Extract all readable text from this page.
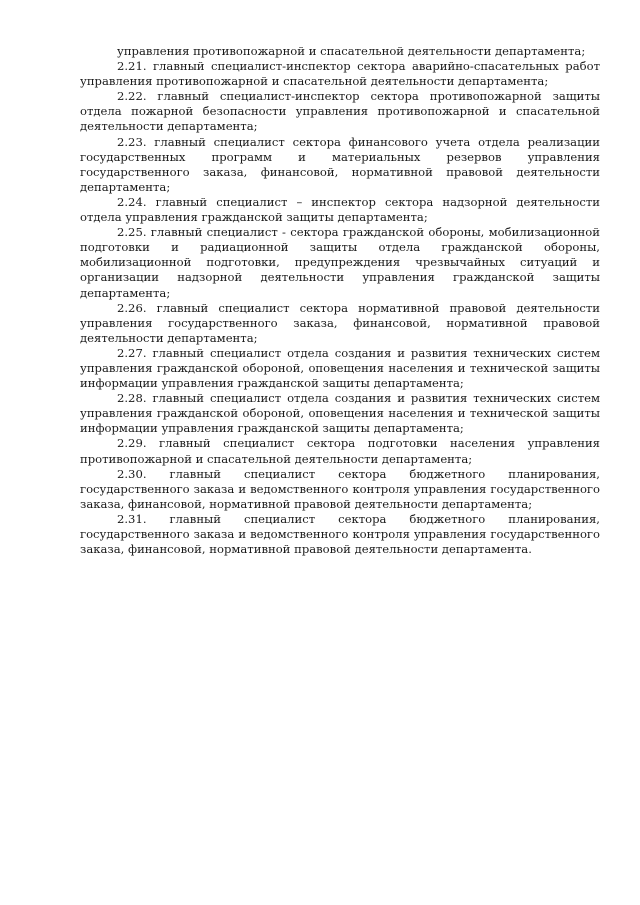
управления противопожарной и спасательной деятельности департамента;

2.21. главный специалист-инспектор сектора аварийно-спасательных работ управления противопожарной и спасательной деятельности департамента;

2.22. главный специалист-инспектор сектора противопожарной защиты отдела пожарной безопасности управления противопожарной и спасательной деятельности департамента;

2.23. главный специалист сектора финансового учета отдела реализации государственных программ и материальных резервов управления государственного заказа, финансовой, нормативной правовой деятельности департамента;

2.24. главный специалист – инспектор сектора надзорной деятельности отдела управления гражданской защиты департамента;

2.25. главный специалист - сектора гражданской обороны, мобилизационной подготовки и радиационной защиты отдела гражданской обороны, мобилизационной подготовки, предупреждения чрезвычайных ситуаций и организации надзорной деятельности управления гражданской защиты департамента;

2.26. главный специалист сектора нормативной правовой деятельности управления государственного заказа, финансовой, нормативной правовой деятельности департамента;

2.27. главный специалист отдела создания и развития технических систем управления гражданской обороной, оповещения населения и технической защиты информации управления гражданской защиты департамента;

2.28. главный специалист отдела создания и развития технических систем управления гражданской обороной, оповещения населения и технической защиты информации управления гражданской защиты департамента;

2.29. главный специалист сектора подготовки населения управления противопожарной и спасательной деятельности департамента;

2.30. главный специалист сектора бюджетного планирования, государственного заказа и ведомственного контроля управления государственного заказа, финансовой, нормативной правовой деятельности департамента;

2.31. главный специалист сектора бюджетного планирования, государственного заказа и ведомственного контроля управления государственного заказа, финансовой, нормативной правовой деятельности департамента.
